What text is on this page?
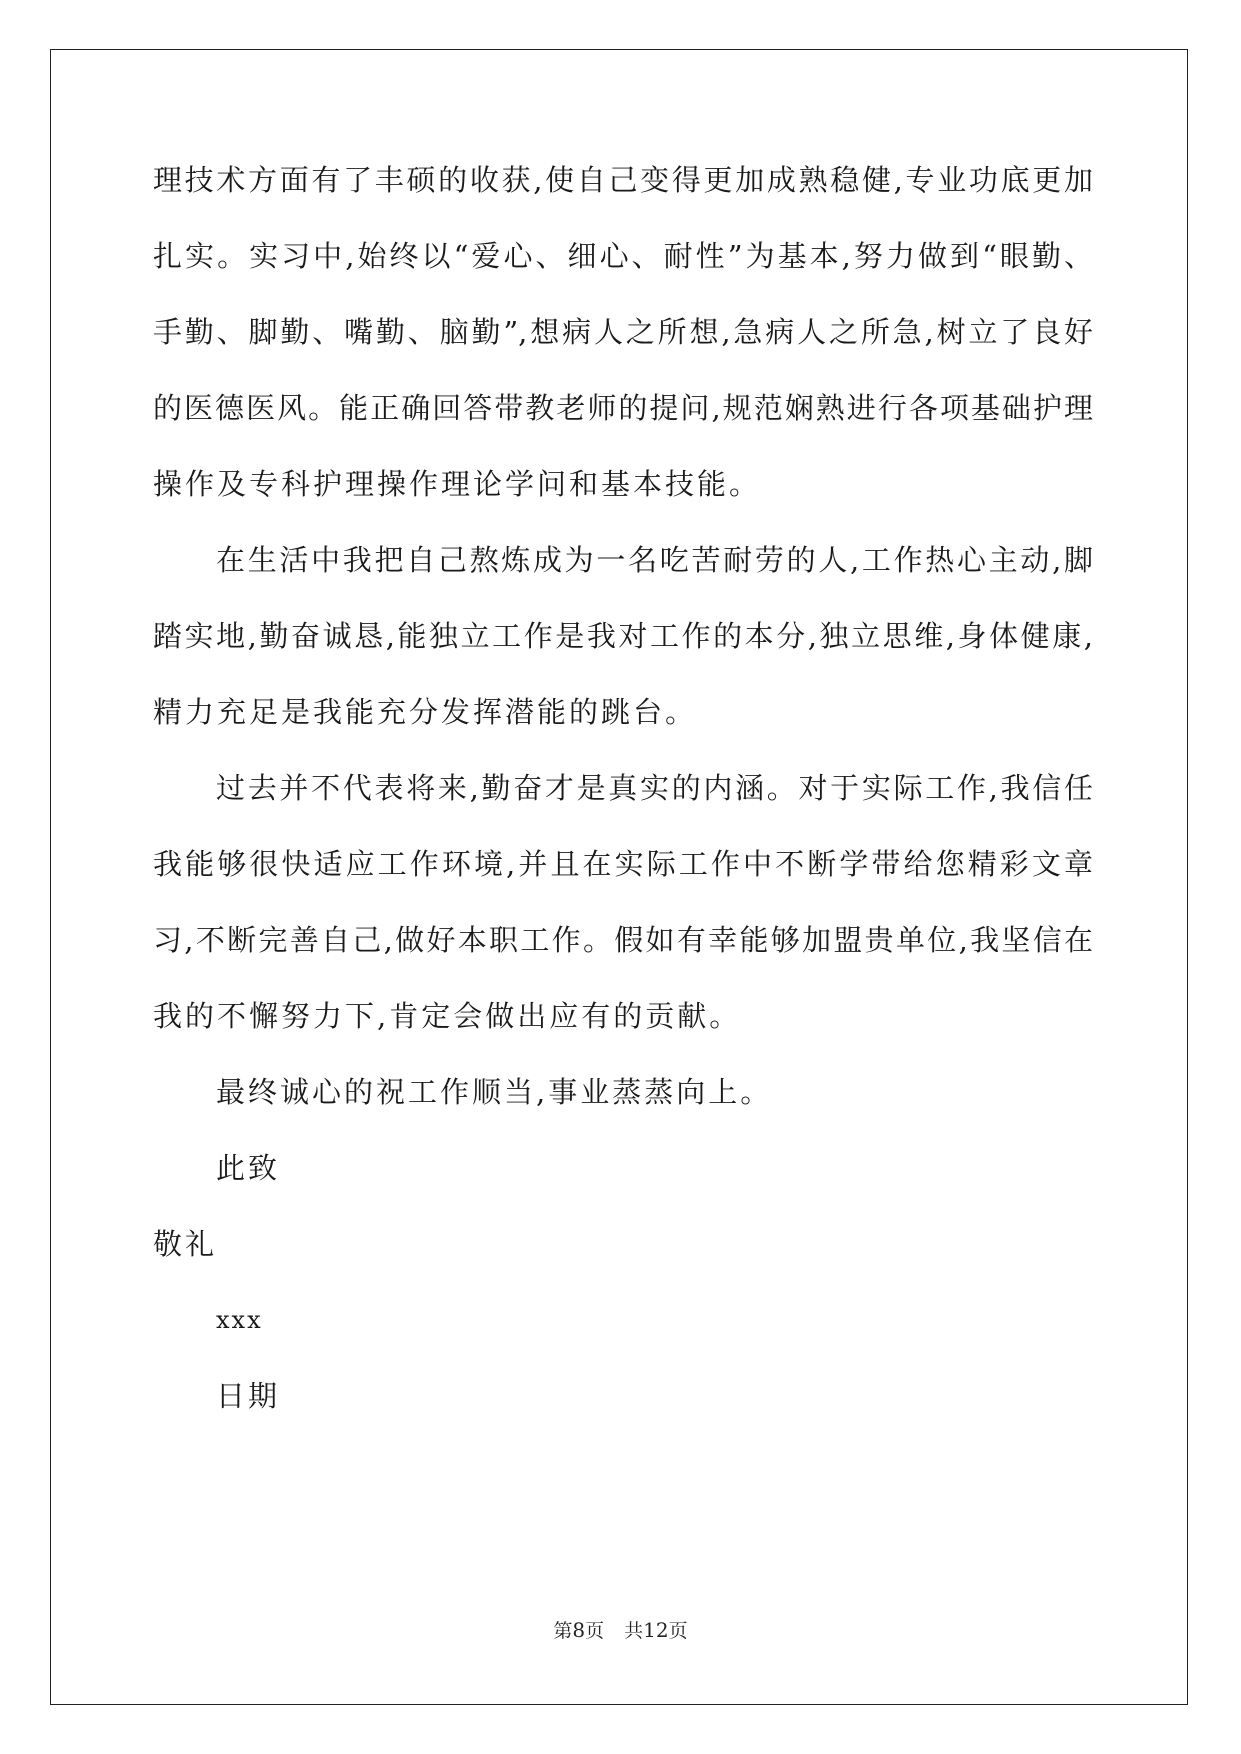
理技术方面有了丰硕的收获,使自己变得更加成熟稳健,专业功底更加
扎实。实习中,始终以“爱心、细心、耐性”为基本,努力做到“眼勤、
手勤、脚勤、嘴勤、脑勤”,想病人之所想,急病人之所急,树立了良好
的医德医风。能正确回答带教老师的提问,规范娴熟进行各项基础护理
操作及专科护理操作理论学问和基本技能。
在生活中我把自己熬炼成为一名吃苦耐劳的人,工作热心主动,脚
踏实地,勤奋诚恳,能独立工作是我对工作的本分,独立思维,身体健康,
精力充足是我能充分发挥潜能的跳台。
过去并不代表将来,勤奋才是真实的内涵。对于实际工作,我信任
我能够很快适应工作环境,并且在实际工作中不断学带给您精彩文章
习,不断完善自己,做好本职工作。假如有幸能够加盟贵单位,我坚信在
我的不懈努力下,肯定会做出应有的贡献。
最终诚心的祝工作顺当,事业蒸蒸向上。
此致
敬礼
xxx
日期
第8页 共12页
